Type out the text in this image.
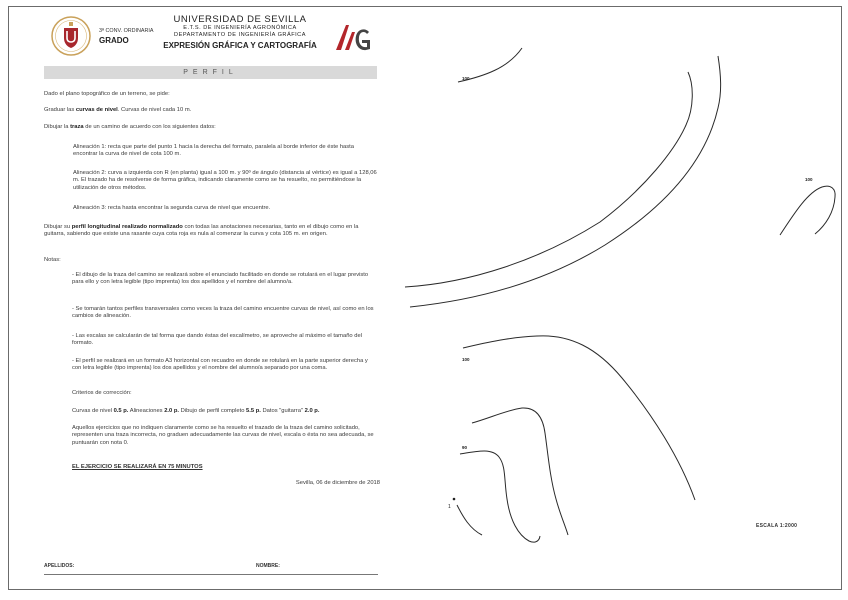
3ª CONV. ORDINARIA
GRADO
UNIVERSIDAD DE SEVILLA
E.T.S. DE INGENIERÍA AGRONÓMICA
DEPARTAMENTO DE INGENIERÍA GRÁFICA
EXPRESIÓN GRÁFICA Y CARTOGRAFÍA
PERFIL

Dado el plano topográfico de un terreno, se pide:

Graduar las curvas de nivel. Curvas de nivel cada 10 m.

Dibujar la traza de un camino de acuerdo con los siguientes datos:

Alineación 1: recta que parte del punto 1 hacia la derecha del formato, paralela al borde inferior de éste hasta encontrar la curva de nivel de cota 100 m.

Alineación 2: curva a izquierda con R (en planta) igual a 100 m. y 90º de ángulo (distancia al vértice) es igual a 128,06 m. El trazado ha de resolverse de forma gráfica, indicando claramente como se ha resuelto, no permitiéndose la utilización de otros métodos.

Alineación 3: recta hasta encontrar la segunda curva de nivel que encuentre.

Dibujar su perfil longitudinal realizado normalizado con todas las anotaciones necesarias, tanto en el dibujo como en la guitarra, sabiendo que existe una rasante cuya cota roja es nula al comenzar la curva y cota 105 m. en origen.

Notas:

- El dibujo de la traza del camino se realizará sobre el enunciado facilitado en donde se rotulará en el lugar previsto para ello y con letra legible (tipo imprenta) los dos apellidos y el nombre del alumno/a.

- Se tomarán tantos perfiles transversales como veces la traza del camino encuentre curvas de nivel, así como en los cambios de alineación.

- Las escalas se calcularán de tal forma que dando éstas del escalímetro, se aproveche al máximo el tamaño del formato.

- El perfil se realizará en un formato A3 horizontal con recuadro en donde se rotulará en la parte superior derecha y con letra legible (tipo imprenta) los dos apellidos y el nombre del alumno/a separado por una coma.

Criterios de corrección:

Curvas de nivel 0.5 p. Alineaciones 2.0 p. Dibujo de perfil completo 5.5 p. Datos "guitarra" 2.0 p.

Aquellos ejercicios que no indiquen claramente como se ha resuelto el trazado de la traza del camino solicitado, representen una traza incorrecta, no graduen adecuadamente las curvas de nivel, escala o ésta no sea adecuada, se puntuarán con nota 0.

EL EJERCICIO SE REALIZARÁ EN 75 MINUTOS

Sevilla, 06 de diciembre de 2018

APELLIDOS:	NOMBRE:
100
100
100
90
1
ESCALA 1:2000
